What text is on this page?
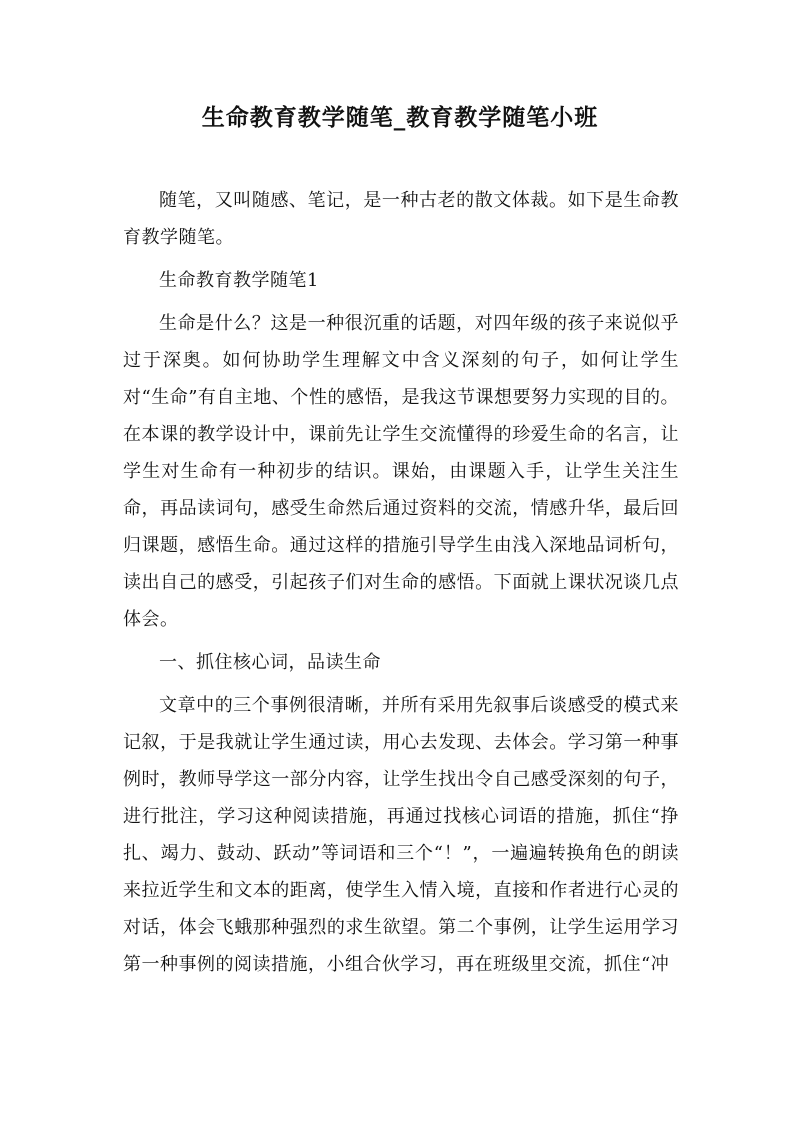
生命教育教学随笔_教育教学随笔小班

随笔，又叫随感、笔记，是一种古老的散文体裁。如下是生命教育教学随笔。

生命教育教学随笔1

生命是什么？这是一种很沉重的话题，对四年级的孩子来说似乎过于深奥。如何协助学生理解文中含义深刻的句子，如何让学生对“生命”有自主地、个性的感悟，是我这节课想要努力实现的目的。在本课的教学设计中，课前先让学生交流懂得的珍爱生命的名言，让学生对生命有一种初步的结识。课始，由课题入手，让学生关注生命，再品读词句，感受生命然后通过资料的交流，情感升华，最后回归课题，感悟生命。通过这样的措施引导学生由浅入深地品词析句，读出自己的感受，引起孩子们对生命的感悟。下面就上课状况谈几点体会。

一、抓住核心词，品读生命

文章中的三个事例很清晰，并所有采用先叙事后谈感受的模式来记叙，于是我就让学生通过读，用心去发现、去体会。学习第一种事例时，教师导学这一部分内容，让学生找出令自己感受深刻的句子，进行批注，学习这种阅读措施，再通过找核心词语的措施，抓住“挣扎、竭力、鼓动、跃动”等词语和三个“！”，一遍遍转换角色的朗读来拉近学生和文本的距离，使学生入情入境，直接和作者进行心灵的对话，体会飞蛾那种强烈的求生欲望。第二个事例，让学生运用学习第一种事例的阅读措施，小组合伙学习，再在班级里交流，抓住“冲
